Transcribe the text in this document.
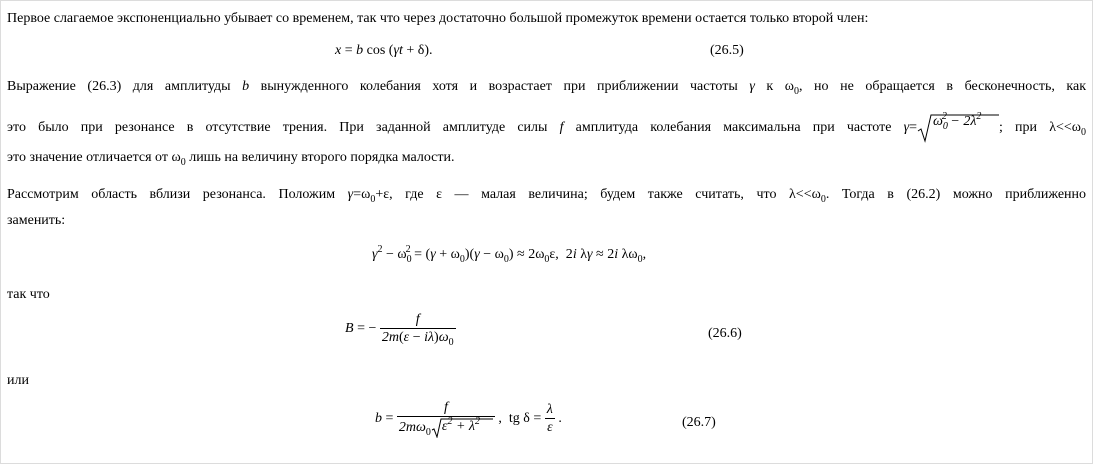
Первое слагаемое экспоненциально убывает со временем, так что через достаточно большой промежуток времени остается только второй член:
x = b cos (γt + δ).	(26.5)
Выражение (26.3) для амплитуды b вынужденного колебания хотя и возрастает при приближении частоты γ к $\omega_0$, но не обращается в бесконечность, как
это было при резонансе в отсутствие трения. При заданной амплитуде силы f амплитуда колебания максимальна при частоте $\gamma= \omega_0^2 - 2\lambda^2$
; при $\lambda<<\omega_0$
это значение отличается от $\omega_0$ лишь на величину второго порядка малости.
Рассмотрим область вблизи резонанса. Положим $\gamma=\omega_0+\varepsilon$, где ε — малая величина; будем также считать, что $\lambda<<\omega_0$. Тогда в (26.2) можно приближенно
заменить:
$\gamma^2 - \omega_0^2 = (\gamma + \omega_0)(\gamma - \omega_0) \approx 2\omega_0\varepsilon$,  2i λγ ≈ 2i $\lambda\omega_0$,
так что
B = − $\frac{f}{2m(\varepsilon - i\lambda)\omega_0}$	(26.6)
или
$b = \frac{f}{2m\omega_0 \varepsilon^2 + \lambda^2}$ ,  tg $\delta = \frac{\lambda}{\varepsilon}$ .	(26.7)
